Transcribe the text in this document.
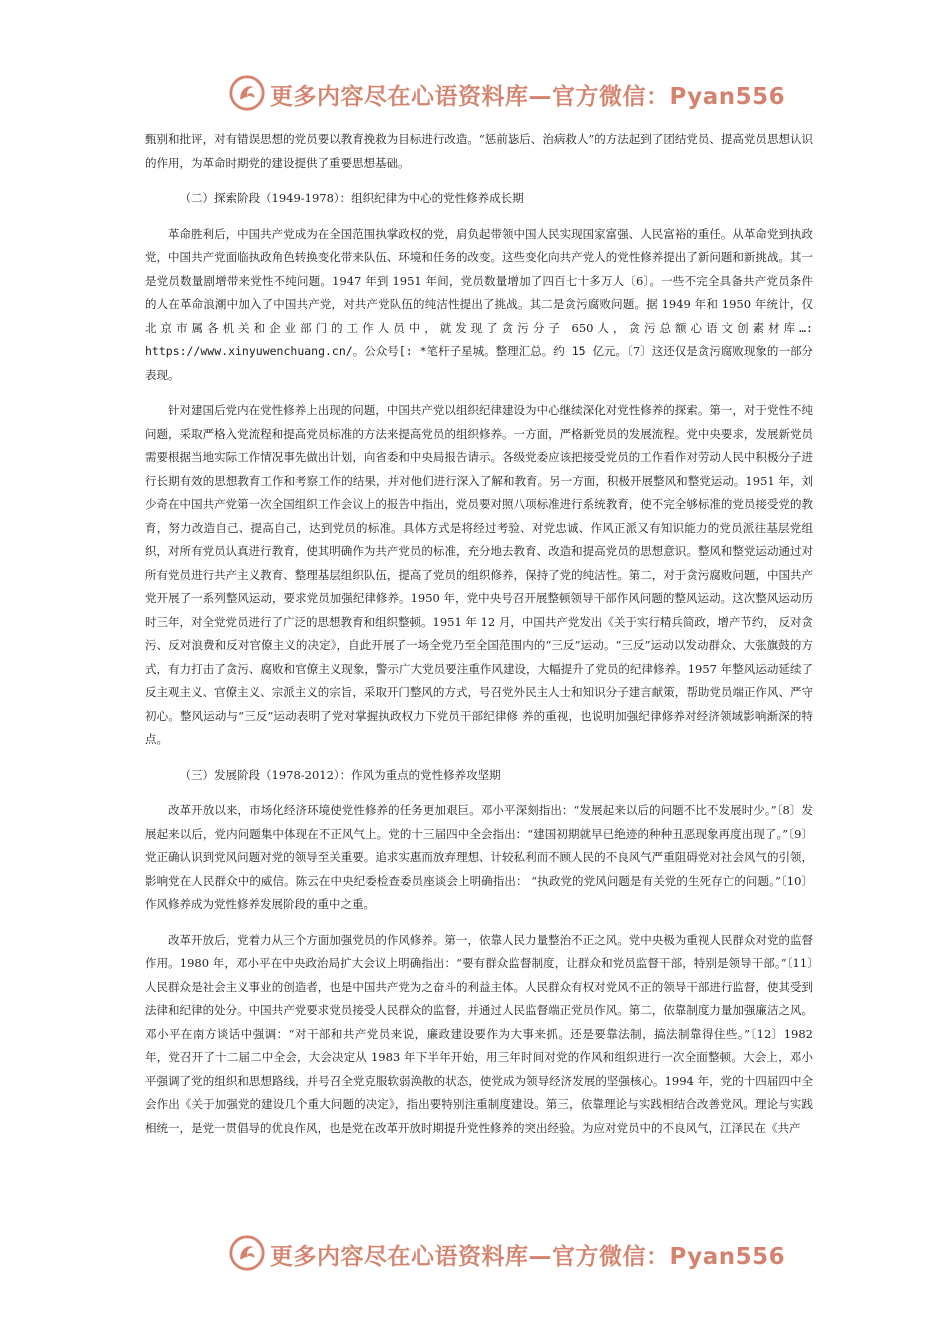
更多内容尽在心语资料库—官方微信：Pyan556

甄别和批评，对有错误思想的党员要以教育挽救为目标进行改造。“惩前毖后、治病救人”的方法起到了团结党员、提高党员思想认识的作用，为革命时期党的建设提供了重要思想基础。

（二）探索阶段（1949-1978）：组织纪律为中心的党性修养成长期

革命胜利后，中国共产党成为在全国范围执掌政权的党，肩负起带领中国人民实现国家富强、人民富裕的重任。从革命党到执政党，中国共产党面临执政角色转换变化带来队伍、环境和任务的改变。这些变化向共产党人的党性修养提出了新问题和新挑战。其一是党员数量剧增带来党性不纯问题。1947 年到 1951 年间，党员数量增加了四百七十多万人〔6〕。一些不完全具备共产党员条件的人在革命浪潮中加入了中国共产党，对共产党队伍的纯洁性提出了挑战。其二是贪污腐败问题。据 1949 年和 1950 年统计，仅北京市属各机关和企业部门的工作人员中，就发现了贪污分子 650人，贪污总额心语文创素材库…: https://www.xinyuwenchuang.cn/。公众号[: *笔杆子星城。整理汇总。约 15 亿元。〔7〕这还仅是贪污腐败现象的一部分表现。

针对建国后党内在党性修养上出现的问题，中国共产党以组织纪律建设为中心继续深化对党性修养的探索。第一，对于党性不纯问题，采取严格入党流程和提高党员标准的方法来提高党员的组织修养。一方面，严格新党员的发展流程。党中央要求，发展新党员需要根据当地实际工作情况事先做出计划，向省委和中央局报告请示。各级党委应该把接受党员的工作看作对劳动人民中积极分子进行长期有效的思想教育工作和考察工作的结果，并对他们进行深入了解和教育。另一方面，积极开展整风和整党运动。1951 年，刘少奇在中国共产党第一次全国组织工作会议上的报告中指出，党员要对照八项标准进行系统教育，使不完全够标准的党员接受党的教育，努力改造自己、提高自己，达到党员的标准。具体方式是将经过考验、对党忠诚、作风正派又有知识能力的党员派往基层党组织，对所有党员认真进行教育，使其明确作为共产党员的标准，充分地去教育、改造和提高党员的思想意识。整风和整党运动通过对所有党员进行共产主义教育、整理基层组织队伍，提高了党员的组织修养，保持了党的纯洁性。第二，对于贪污腐败问题，中国共产党开展了一系列整风运动，要求党员加强纪律修养。1950 年，党中央号召开展整顿领导干部作风问题的整风运动。这次整风运动历时三年，对全党党员进行了广泛的思想教育和组织整顿。1951 年 12 月，中国共产党发出《关于实行精兵简政，增产节约， 反对贪污、反对浪费和反对官僚主义的决定》，自此开展了一场全党乃至全国范围内的“三反”运动。“三反”运动以发动群众、大张旗鼓的方式，有力打击了贪污、腐败和官僚主义现象，警示广大党员要注重作风建设，大幅提升了党员的纪律修养。1957 年整风运动延续了反主观主义、官僚主义、宗派主义的宗旨，采取开门整风的方式，号召党外民主人士和知识分子建言献策，帮助党员端正作风、严守初心。整风运动与“三反”运动表明了党对掌握执政权力下党员干部纪律修 养的重视，也说明加强纪律修养对经济领域影响渐深的特点。

（三）发展阶段（1978-2012）：作风为重点的党性修养攻坚期

改革开放以来，市场化经济环境使党性修养的任务更加艰巨。邓小平深刻指出：“发展起来以后的问题不比不发展时少。”〔8〕发展起来以后，党内问题集中体现在不正风气上。党的十三届四中全会指出：“建国初期就早已绝迹的种种丑恶现象再度出现了。”〔9〕党正确认识到党风问题对党的领导至关重要。追求实惠而放弃理想、计较私利而不顾人民的不良风气严重阻碍党对社会风气的引领，影响党在人民群众中的威信。陈云在中央纪委检查委员座谈会上明确指出： “执政党的党风问题是有关党的生死存亡的问题。”〔10〕作风修养成为党性修养发展阶段的重中之重。

改革开放后，党着力从三个方面加强党员的作风修养。第一，依靠人民力量整治不正之风。党中央极为重视人民群众对党的监督作用。1980 年，邓小平在中央政治局扩大会议上明确指出：“要有群众监督制度，让群众和党员监督干部，特别是领导干部。”〔11〕人民群众是社会主义事业的创造者，也是中国共产党为之奋斗的利益主体。人民群众有权对党风不正的领导干部进行监督，使其受到法律和纪律的处分。中国共产党要求党员接受人民群众的监督，并通过人民监督端正党员作风。第二，依靠制度力量加强廉洁之风。邓小平在南方谈话中强调：“对干部和共产党员来说，廉政建设要作为大事来抓。还是要靠法制，搞法制靠得住些。”〔12〕1982 年，党召开了十二届二中全会，大会决定从 1983 年下半年开始，用三年时间对党的作风和组织进行一次全面整顿。大会上，邓小平强调了党的组织和思想路线，并号召全党克服软弱涣散的状态，使党成为领导经济发展的坚强核心。1994 年，党的十四届四中全会作出《关于加强党的建设几个重大问题的决定》，指出要特别注重制度建设。第三，依靠理论与实践相结合改善党风。理论与实践相统一，是党一贯倡导的优良作风，也是党在改革开放时期提升党性修养的突出经验。为应对党员中的不良风气，江泽民在《共产

更多内容尽在心语资料库—官方微信：Pyan556
